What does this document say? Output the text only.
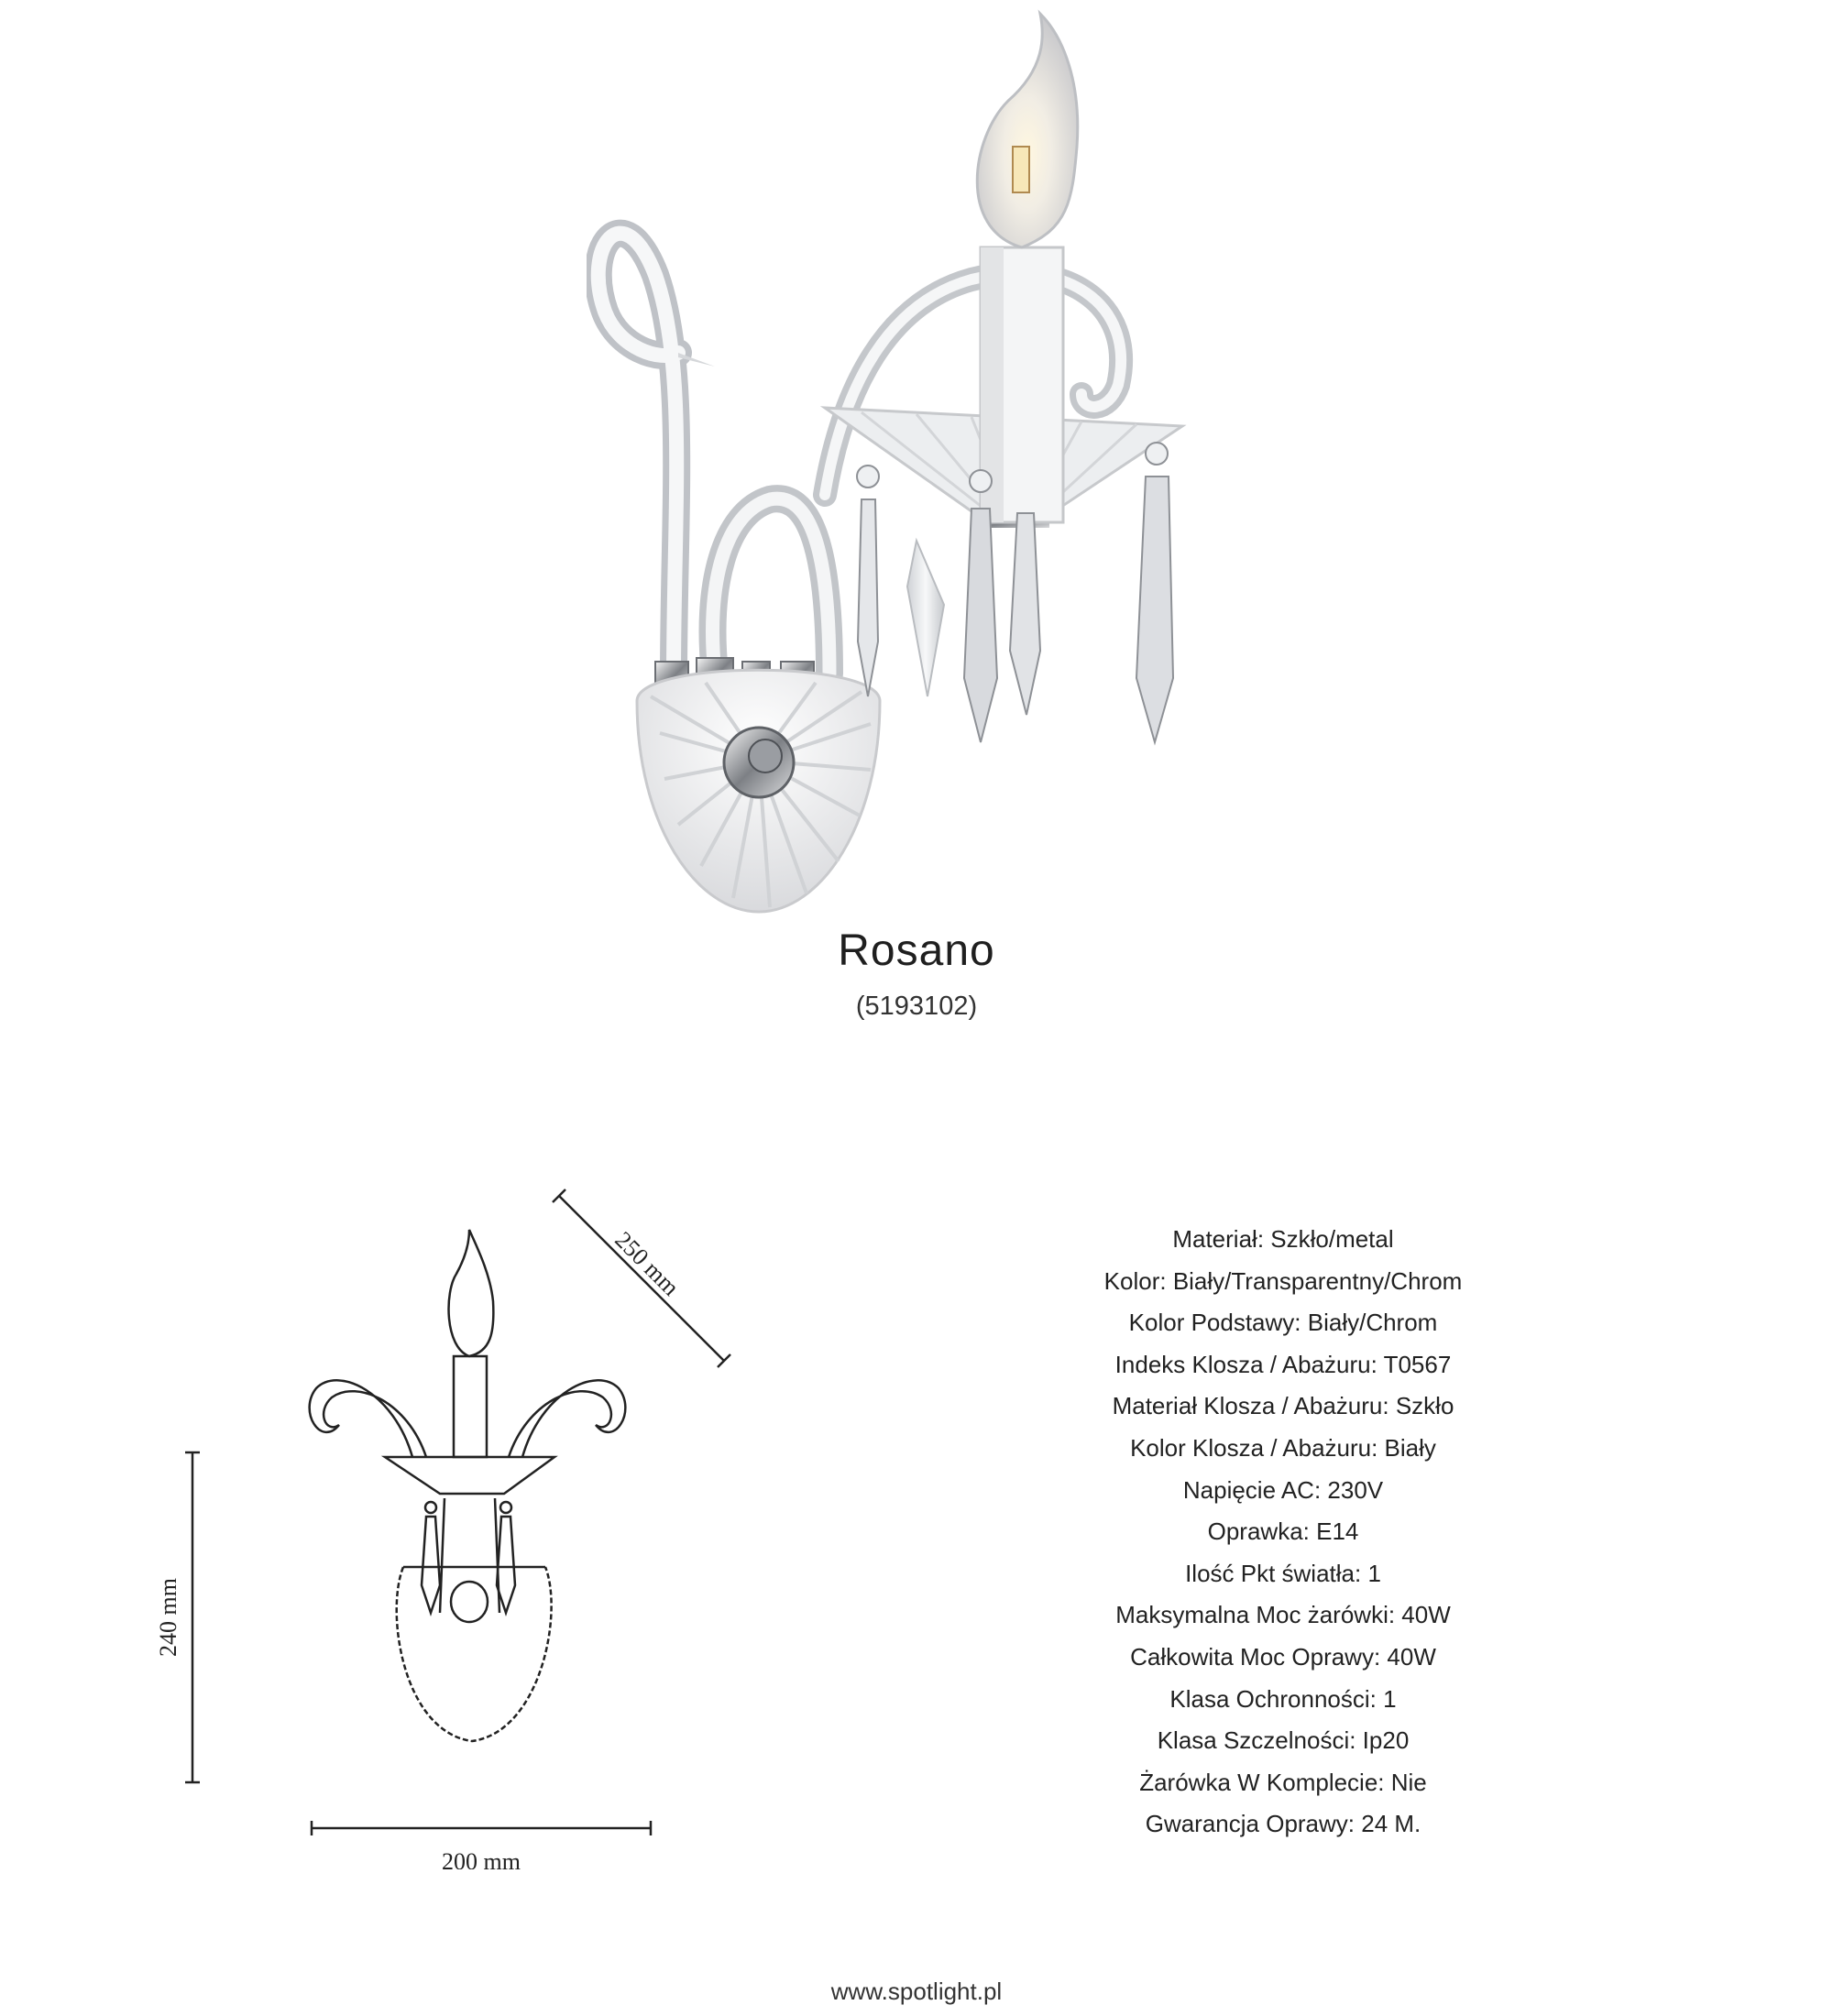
Rosano
(5193102)
250 mm
240 mm
200 mm
Materiał: Szkło/metal
Kolor: Biały/Transparentny/Chrom
Kolor Podstawy: Biały/Chrom
Indeks Klosza / Abażuru: T0567
Materiał Klosza / Abażuru: Szkło
Kolor Klosza / Abażuru: Biały
Napięcie AC: 230V
Oprawka: E14
Ilość Pkt światła: 1
Maksymalna Moc żarówki: 40W
Całkowita Moc Oprawy: 40W
Klasa Ochronności: 1
Klasa Szczelności: Ip20
Żarówka W Komplecie: Nie
Gwarancja Oprawy: 24 M.
www.spotlight.pl
